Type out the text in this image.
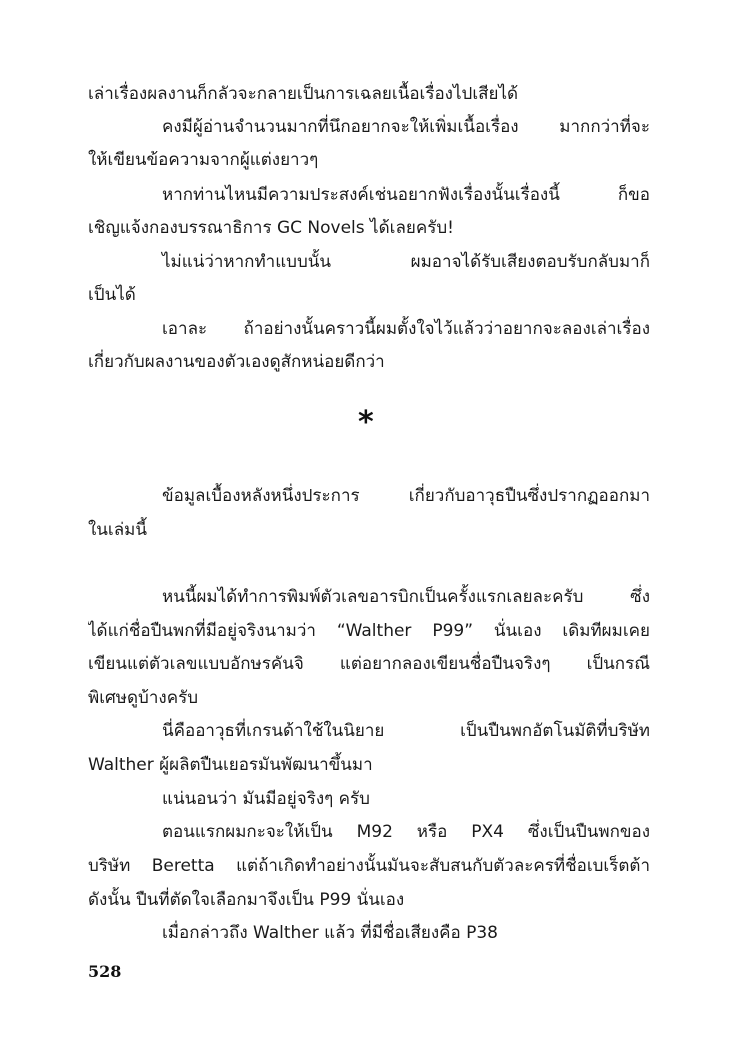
เล่าเรื่องผลงานก็กลัวจะกลายเป็นการเฉลยเนื้อเรื่องไปเสียได้
คงมีผู้อ่านจำนวนมากที่นึกอยากจะให้เพิ่มเนื้อเรื่อง มากกว่าที่จะ
ให้เขียนข้อความจากผู้แต่งยาวๆ
หากท่านไหนมีความประสงค์เช่นอยากฟังเรื่องนั้นเรื่องนี้ ก็ขอ
เชิญแจ้งกองบรรณาธิการ GC Novels ได้เลยครับ!
ไม่แน่ว่าหากทำแบบนั้น ผมอาจได้รับเสียงตอบรับกลับมาก็
เป็นได้
เอาละ ถ้าอย่างนั้นคราวนี้ผมตั้งใจไว้แล้วว่าอยากจะลองเล่าเรื่อง
เกี่ยวกับผลงานของตัวเองดูสักหน่อยดีกว่า
*
ข้อมูลเบื้องหลังหนึ่งประการ เกี่ยวกับอาวุธปืนซึ่งปรากฏออกมา
ในเล่มนี้
หนนี้ผมได้ทำการพิมพ์ตัวเลขอารบิกเป็นครั้งแรกเลยละครับ ซึ่ง
ได้แก่ชื่อปืนพกที่มีอยู่จริงนามว่า “Walther P99” นั่นเอง เดิมทีผมเคย
เขียนแต่ตัวเลขแบบอักษรคันจิ แต่อยากลองเขียนชื่อปืนจริงๆ เป็นกรณี
พิเศษดูบ้างครับ
นี่คืออาวุธที่เกรนด้าใช้ในนิยาย เป็นปืนพกอัตโนมัติที่บริษัท
Walther ผู้ผลิตปืนเยอรมันพัฒนาขึ้นมา
แน่นอนว่า มันมีอยู่จริงๆ ครับ
ตอนแรกผมกะจะให้เป็น M92 หรือ PX4 ซึ่งเป็นปืนพกของ
บริษัท Beretta แต่ถ้าเกิดทำอย่างนั้นมันจะสับสนกับตัวละครที่ชื่อเบเร็ตต้า
ดังนั้น ปืนที่ตัดใจเลือกมาจึงเป็น P99 นั่นเอง
เมื่อกล่าวถึง Walther แล้ว ที่มีชื่อเสียงคือ P38
528
